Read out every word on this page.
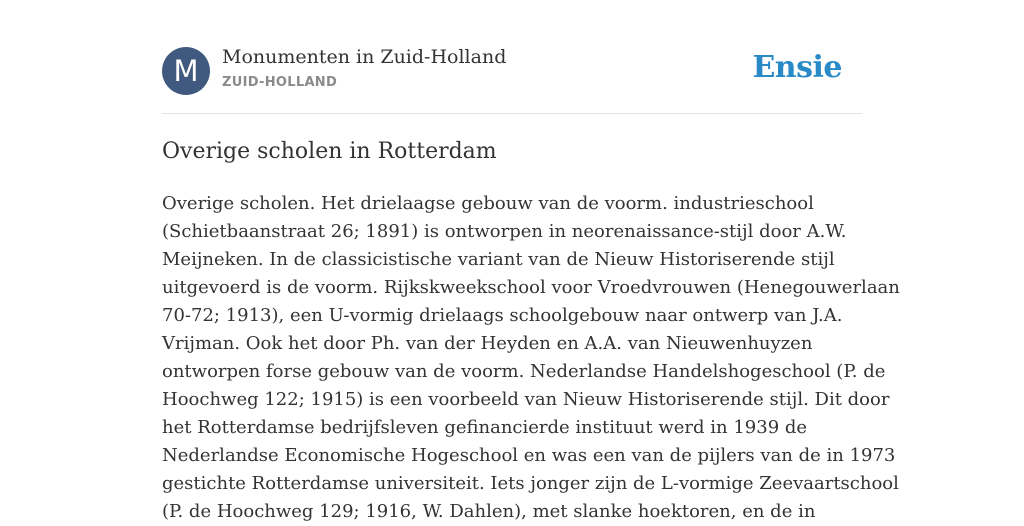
M	Monumenten in Zuid-Holland
ZUID-HOLLAND	Ensie
Overige scholen in Rotterdam

Overige scholen. Het drielaagse gebouw van de voorm. industrieschool
(Schietbaanstraat 26; 1891) is ontworpen in neorenaissance-stijl door A.W.
Meijneken. In de classicistische variant van de Nieuw Historiserende stijl
uitgevoerd is de voorm. Rijkskweekschool voor Vroedvrouwen (Henegouwerlaan
70-72; 1913), een U-vormig drielaags schoolgebouw naar ontwerp van J.A.
Vrijman. Ook het door Ph. van der Heyden en A.A. van Nieuwenhuyzen
ontworpen forse gebouw van de voorm. Nederlandse Handelshogeschool (P. de
Hoochweg 122; 1915) is een voorbeeld van Nieuw Historiserende stijl. Dit door
het Rotterdamse bedrijfsleven gefinancierde instituut werd in 1939 de
Nederlandse Economische Hogeschool en was een van de pijlers van de in 1973
gestichte Rotterdamse universiteit. Iets jonger zijn de L-vormige Zeevaartschool
(P. de Hoochweg 129; 1916, W. Dahlen), met slanke hoektoren, en de in
